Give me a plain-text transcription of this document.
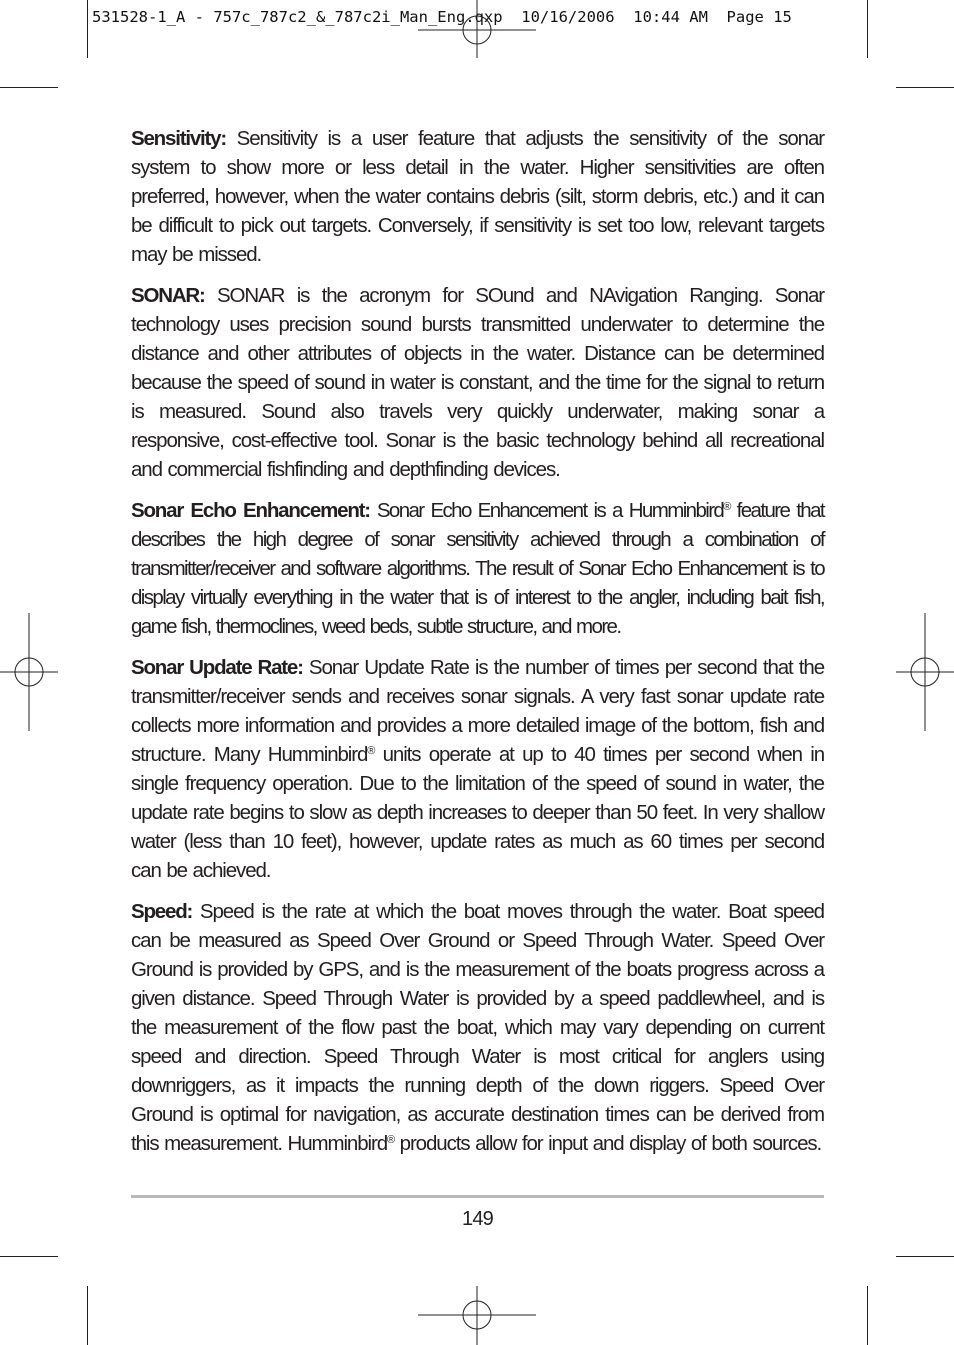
531528-1_A - 757c_787c2_&_787c2i_Man_Eng.qxp  10/16/2006  10:44 AM  Page 15

Sensitivity: Sensitivity is a user feature that adjusts the sensitivity of the sonar system to show more or less detail in the water. Higher sensitivities are often preferred, however, when the water contains debris (silt, storm debris, etc.) and it can be difficult to pick out targets. Conversely, if sensitivity is set too low, relevant targets may be missed.

SONAR: SONAR is the acronym for SOund and NAvigation Ranging. Sonar technology uses precision sound bursts transmitted underwater to determine the distance and other attributes of objects in the water. Distance can be determined because the speed of sound in water is constant, and the time for the signal to return is measured. Sound also travels very quickly underwater, making sonar a responsive, cost-effective tool. Sonar is the basic technology behind all recreational and commercial fishfinding and depthfinding devices.

Sonar Echo Enhancement: Sonar Echo Enhancement is a Humminbird® feature that describes the high degree of sonar sensitivity achieved through a combination of transmitter/receiver and software algorithms. The result of Sonar Echo Enhancement is to display virtually everything in the water that is of interest to the angler, including bait fish, game fish, thermoclines, weed beds, subtle structure, and more.

Sonar Update Rate: Sonar Update Rate is the number of times per second that the transmitter/receiver sends and receives sonar signals. A very fast sonar update rate collects more information and provides a more detailed image of the bottom, fish and structure. Many Humminbird® units operate at up to 40 times per second when in single frequency operation. Due to the limitation of the speed of sound in water, the update rate begins to slow as depth increases to deeper than 50 feet. In very shallow water (less than 10 feet), however, update rates as much as 60 times per second can be achieved.

Speed: Speed is the rate at which the boat moves through the water. Boat speed can be measured as Speed Over Ground or Speed Through Water. Speed Over Ground is provided by GPS, and is the measurement of the boats progress across a given distance. Speed Through Water is provided by a speed paddlewheel, and is the measurement of the flow past the boat, which may vary depending on current speed and direction. Speed Through Water is most critical for anglers using downriggers, as it impacts the running depth of the down riggers. Speed Over Ground is optimal for navigation, as accurate destination times can be derived from this measurement. Humminbird® products allow for input and display of both sources.

149
